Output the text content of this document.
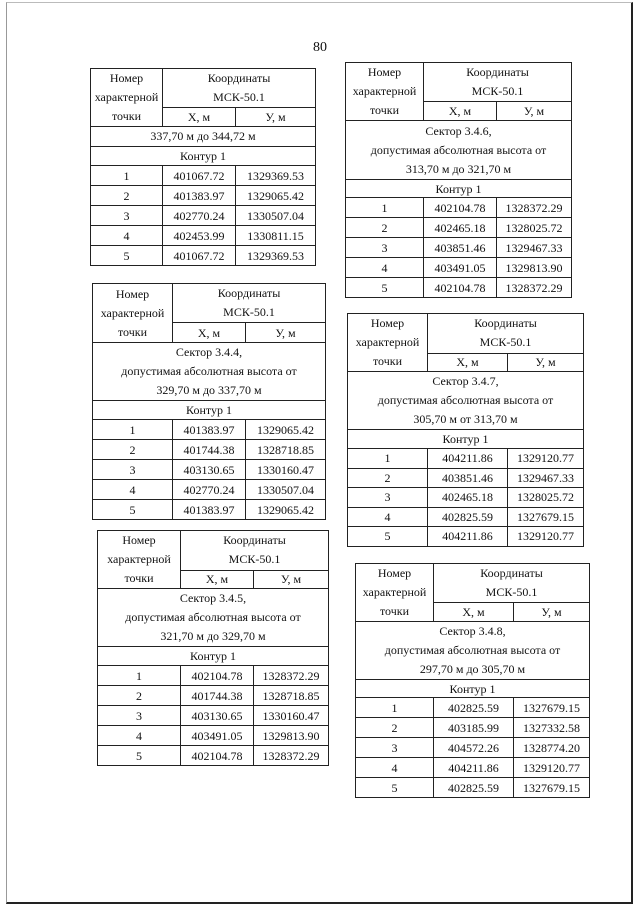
80
Номер
характерной
точки	Координаты
МСК-50.1	
	X, м	У, м
337,70 м до 344,72 м		
Контур 1		
1	401067.72	1329369.53
2	401383.97	1329065.42
3	402770.24	1330507.04
4	402453.99	1330811.15
5	401067.72	1329369.53
Номер
характерной
точки	Координаты
МСК-50.1	
	X, м	У, м
Сектор 3.4.4,
допустимая абсолютная высота от
329,70 м до 337,70 м		
Контур 1		
1	401383.97	1329065.42
2	401744.38	1328718.85
3	403130.65	1330160.47
4	402770.24	1330507.04
5	401383.97	1329065.42
Номер
характерной
точки	Координаты
МСК-50.1	
	X, м	У, м
Сектор 3.4.5,
допустимая абсолютная высота от
321,70 м до 329,70 м		
Контур 1		
1	402104.78	1328372.29
2	401744.38	1328718.85
3	403130.65	1330160.47
4	403491.05	1329813.90
5	402104.78	1328372.29
Номер
характерной
точки	Координаты
МСК-50.1	
	X, м	У, м
Сектор 3.4.6,
допустимая абсолютная высота от
313,70 м до 321,70 м		
Контур 1		
1	402104.78	1328372.29
2	402465.18	1328025.72
3	403851.46	1329467.33
4	403491.05	1329813.90
5	402104.78	1328372.29
Номер
характерной
точки	Координаты
МСК-50.1	
	X, м	У, м
Сектор 3.4.7,
допустимая абсолютная высота от
305,70 м от 313,70 м		
Контур 1		
1	404211.86	1329120.77
2	403851.46	1329467.33
3	402465.18	1328025.72
4	402825.59	1327679.15
5	404211.86	1329120.77
Номер
характерной
точки	Координаты
МСК-50.1	
	X, м	У, м
Сектор 3.4.8,
допустимая абсолютная высота от
297,70 м до 305,70 м		
Контур 1		
1	402825.59	1327679.15
2	403185.99	1327332.58
3	404572.26	1328774.20
4	404211.86	1329120.77
5	402825.59	1327679.15
